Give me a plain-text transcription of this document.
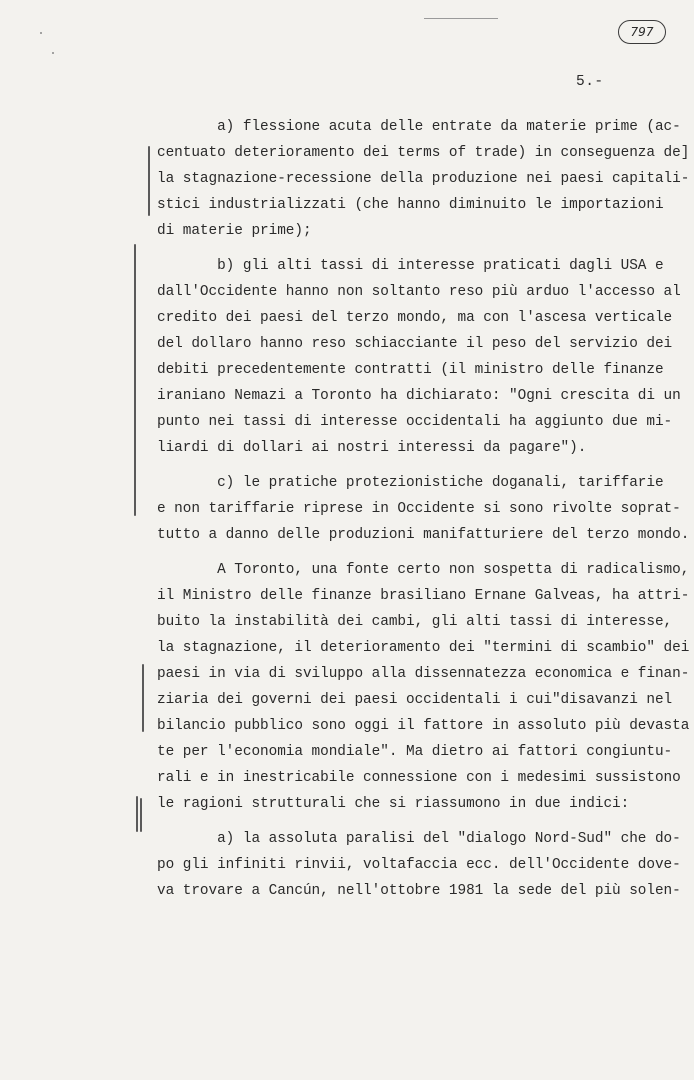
797
5.-
a) flessione acuta delle entrate da materie prime (ac-
centuato deterioramento dei terms of trade) in conseguenza de]
la stagnazione-recessione della produzione nei paesi capitali-
stici industrializzati (che hanno diminuito le importazioni
di materie prime);
b) gli alti tassi di interesse praticati dagli USA e
dall'Occidente hanno non soltanto reso più arduo l'accesso al
credito dei paesi del terzo mondo, ma con l'ascesa verticale
del dollaro hanno reso schiacciante il peso del servizio dei
debiti precedentemente contratti (il ministro delle finanze
iraniano Nemazi a Toronto ha dichiarato: "Ogni crescita di un
punto nei tassi di interesse occidentali ha aggiunto due mi-
liardi di dollari ai nostri interessi da pagare").
c) le pratiche protezionistiche doganali, tariffarie
e non tariffarie riprese in Occidente si sono rivolte soprat-
tutto a danno delle produzioni manifatturiere del terzo mondo.
A Toronto, una fonte certo non sospetta di radicalismo,
il Ministro delle finanze brasiliano Ernane Galveas, ha attri-
buito la instabilità dei cambi, gli alti tassi di interesse,
la stagnazione, il deterioramento dei "termini di scambio" dei
paesi in via di sviluppo alla dissennatezza economica e finan-
ziaria dei governi dei paesi occidentali i cui"disavanzi nel
bilancio pubblico sono oggi il fattore in assoluto più devasta
te per l'economia mondiale". Ma dietro ai fattori congiuntu-
rali e in inestricabile connessione con i medesimi sussistono
le ragioni strutturali che si riassumono in due indici:
a) la assoluta paralisi del "dialogo Nord-Sud" che do-
po gli infiniti rinvii, voltafaccia ecc. dell'Occidente dove-
va trovare a Cancún, nell'ottobre 1981 la sede del più solen-
